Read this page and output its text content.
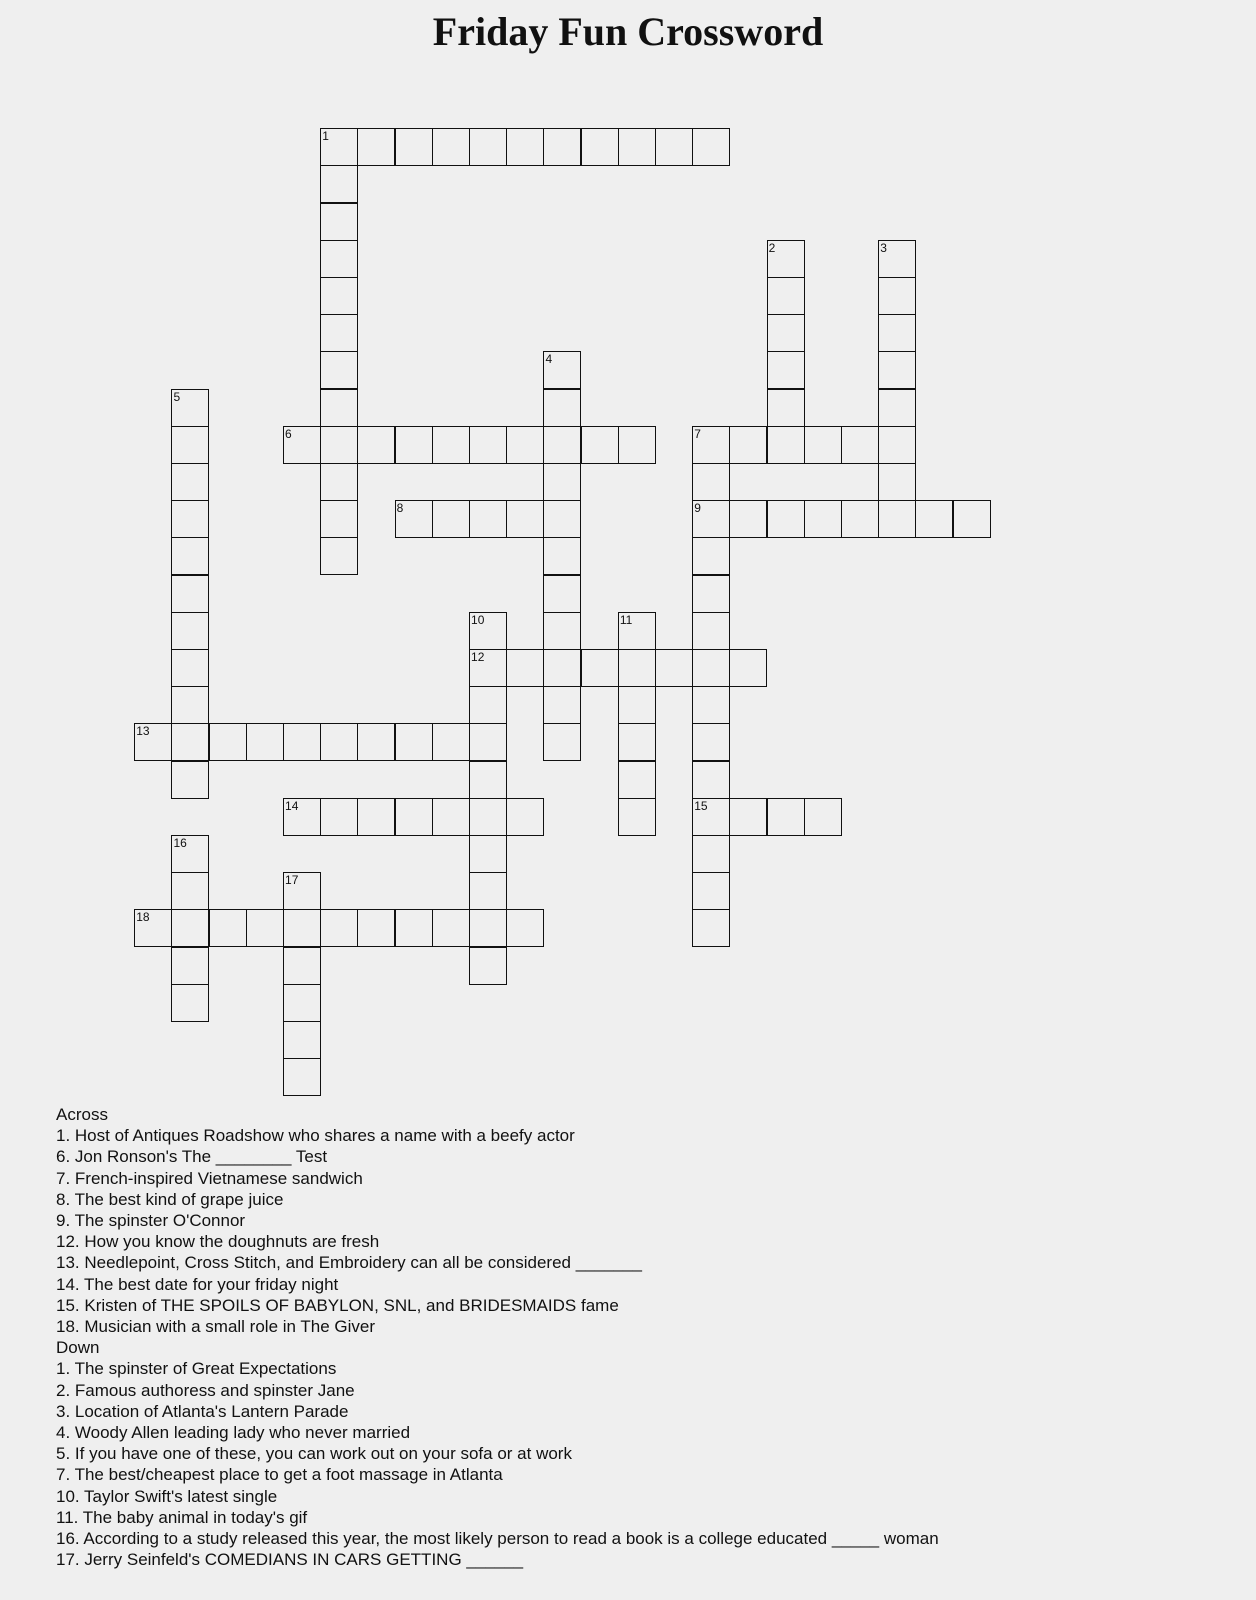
Friday Fun Crossword
1
6	7
8	9
12
13
14	15
18
2	3
4
5
10	11
16
17
Across
1. Host of Antiques Roadshow who shares a name with a beefy actor
6. Jon Ronson's The ________ Test
7. French-inspired Vietnamese sandwich
8. The best kind of grape juice
9. The spinster O'Connor
12. How you know the doughnuts are fresh
13. Needlepoint, Cross Stitch, and Embroidery can all be considered _______
14. The best date for your friday night
15. Kristen of THE SPOILS OF BABYLON, SNL, and BRIDESMAIDS fame
18. Musician with a small role in The Giver
Down
1. The spinster of Great Expectations
2. Famous authoress and spinster Jane
3. Location of Atlanta's Lantern Parade
4. Woody Allen leading lady who never married
5. If you have one of these, you can work out on your sofa or at work
7. The best/cheapest place to get a foot massage in Atlanta
10. Taylor Swift's latest single
11. The baby animal in today's gif
16. According to a study released this year, the most likely person to read a book is a college educated _____ woman
17. Jerry Seinfeld's COMEDIANS IN CARS GETTING ______
